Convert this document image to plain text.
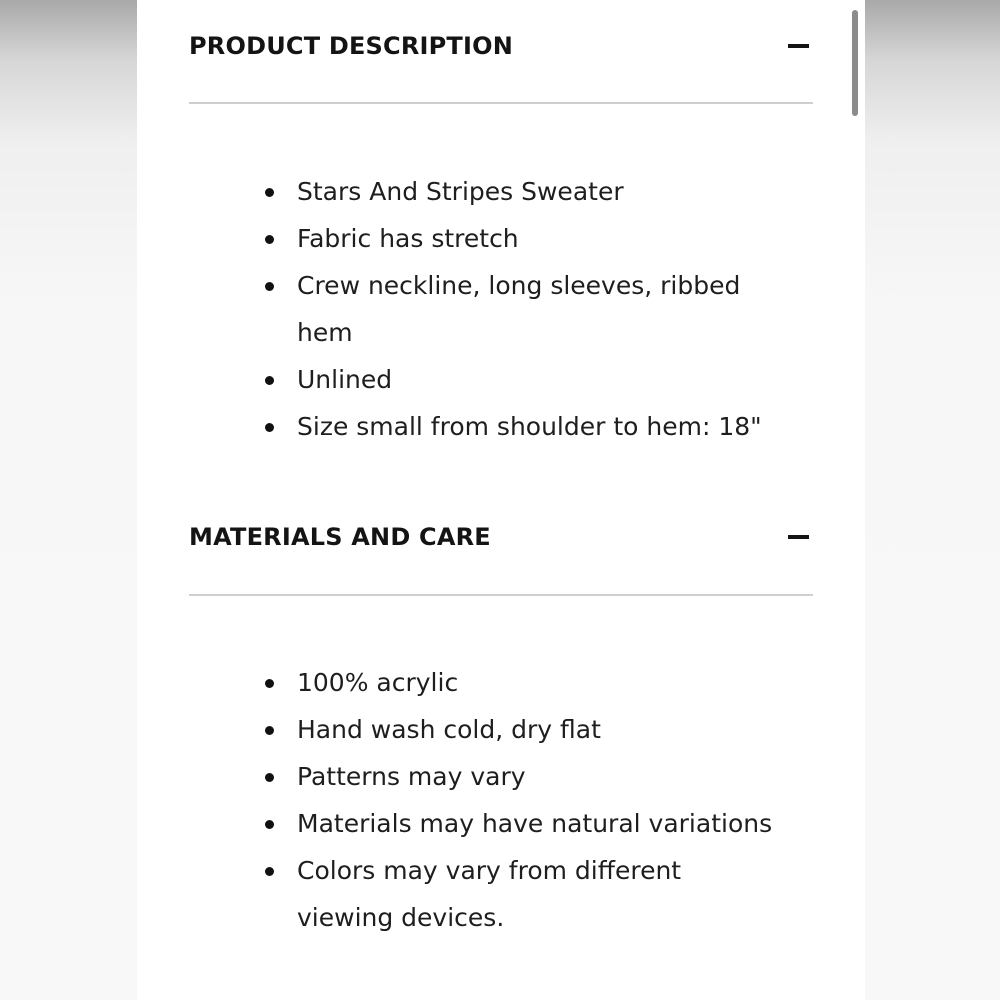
PRODUCT DESCRIPTION
Stars And Stripes Sweater
Fabric has stretch
Crew neckline, long sleeves, ribbed hem
Unlined
Size small from shoulder to hem: 18"
MATERIALS AND CARE
100% acrylic
Hand wash cold, dry flat
Patterns may vary
Materials may have natural variations
Colors may vary from different viewing devices.
